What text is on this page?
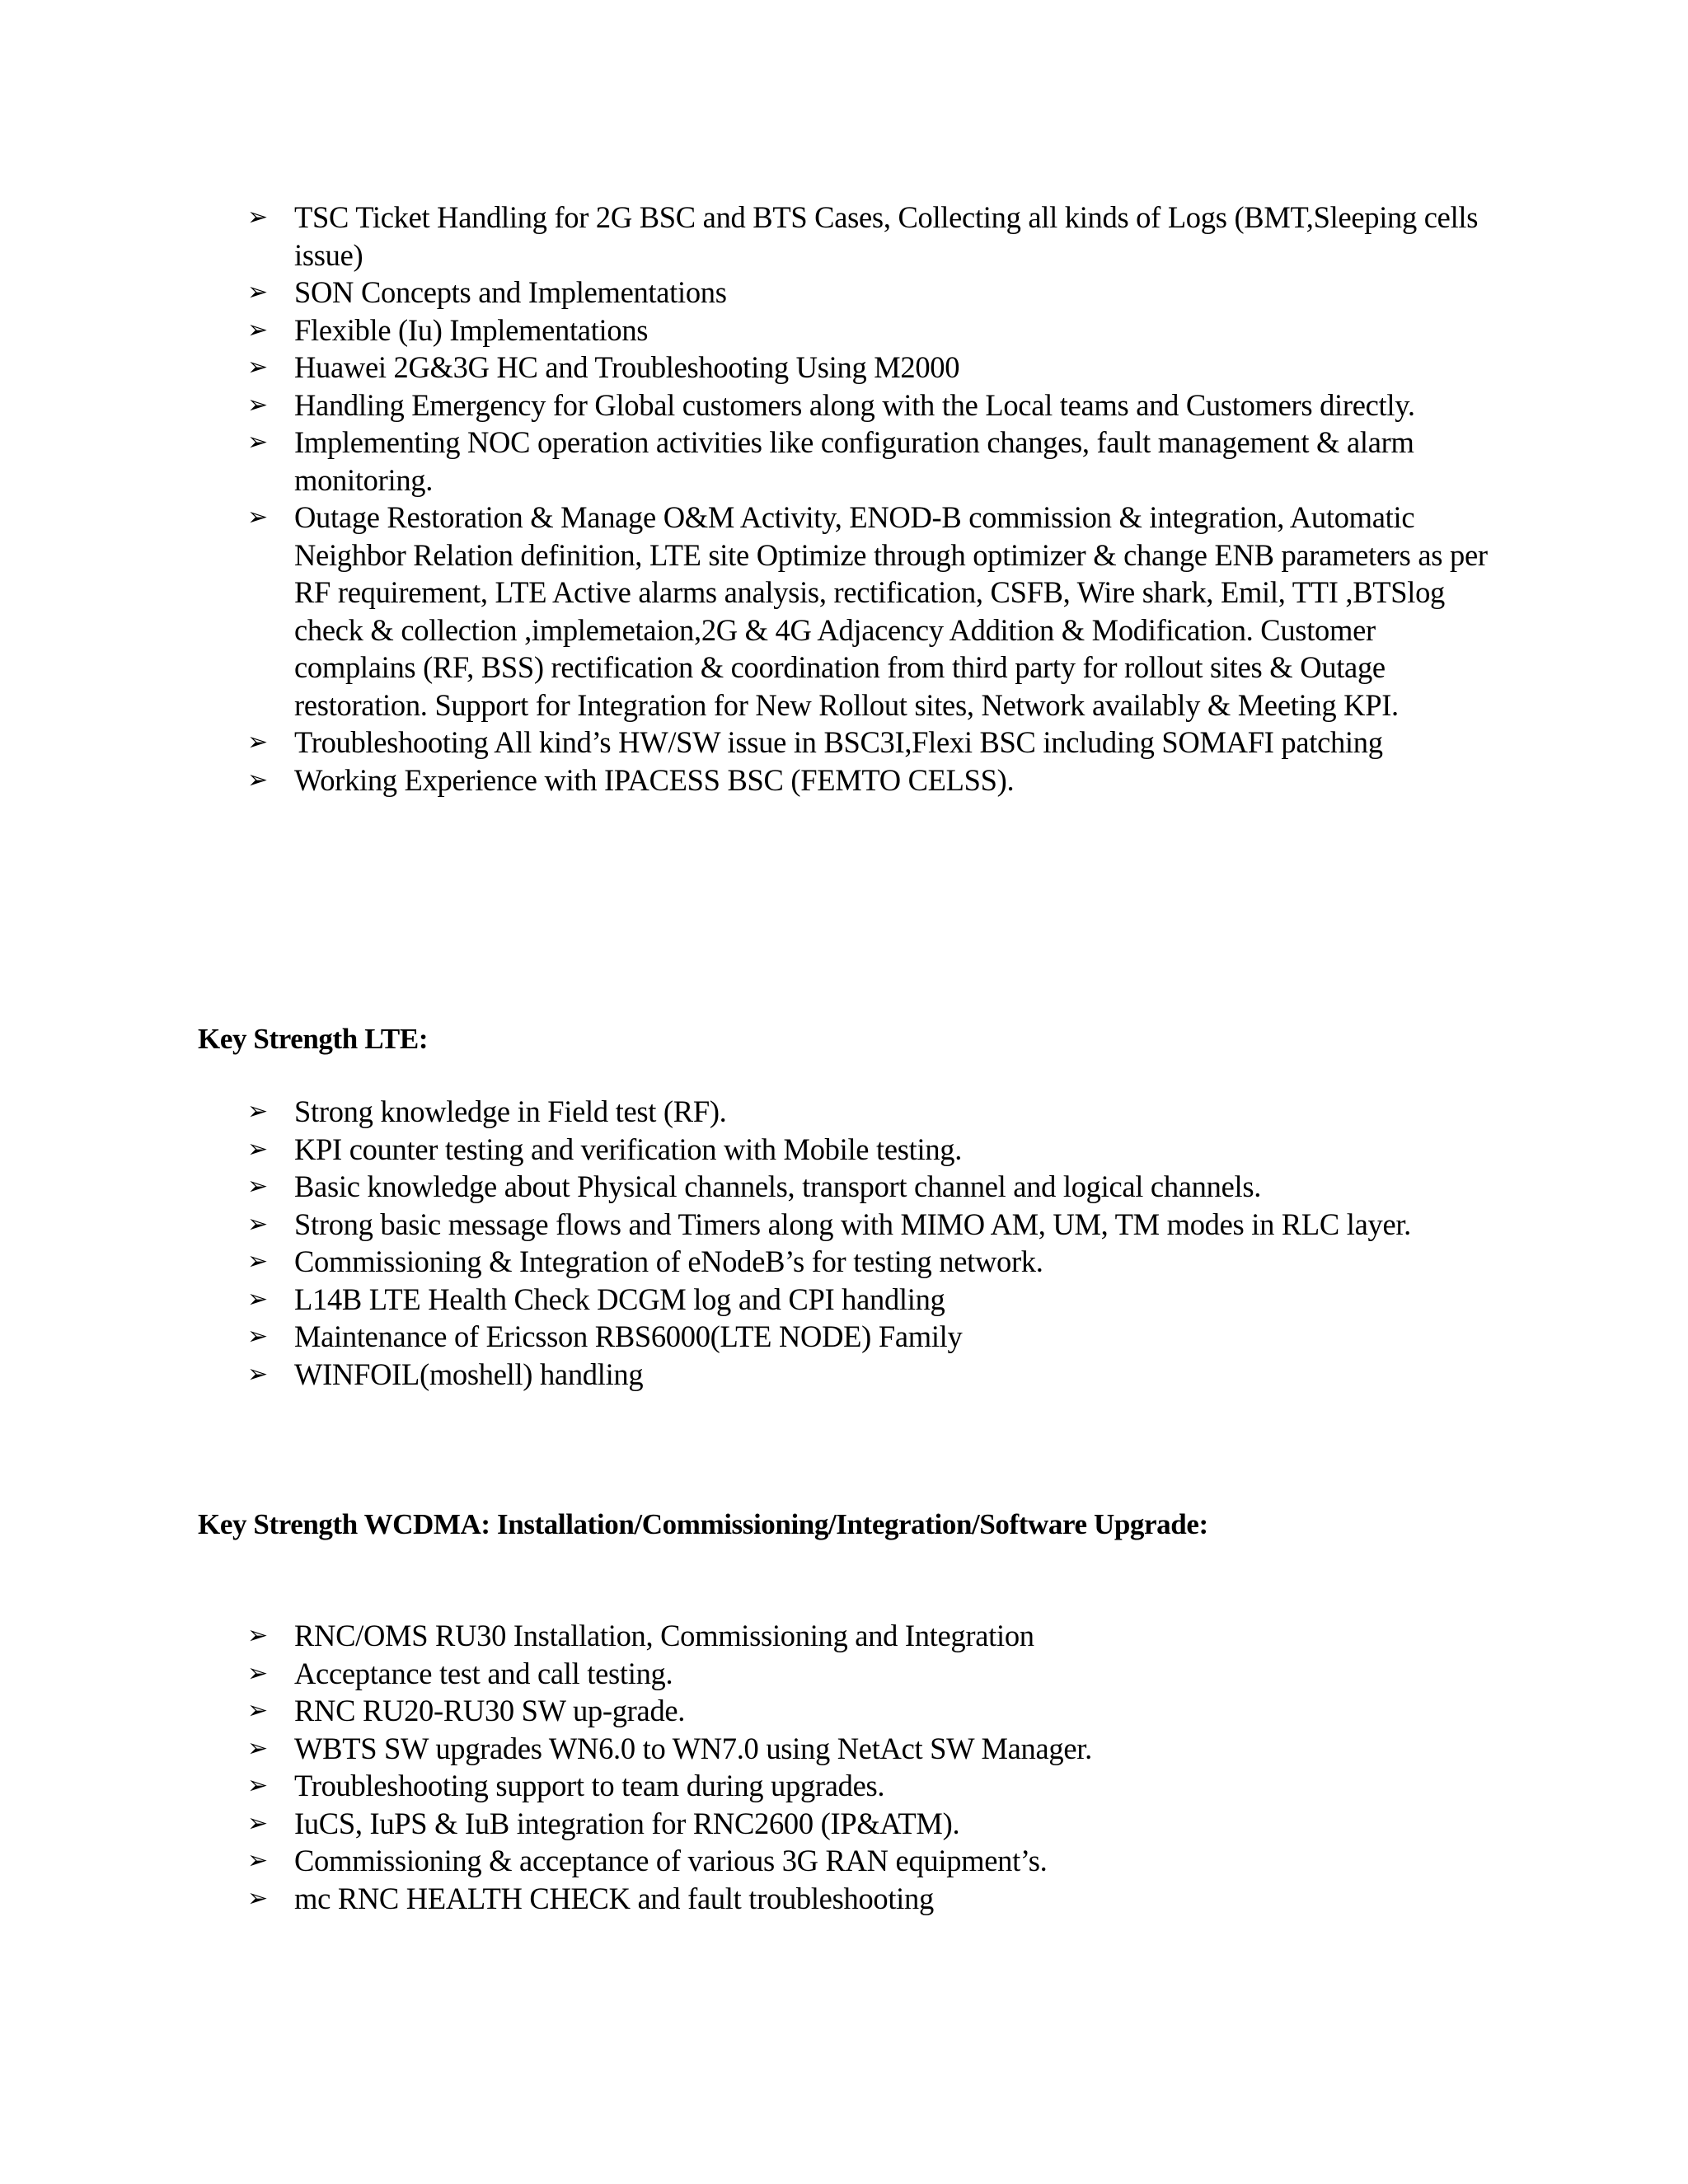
➢ TSC Ticket Handling for 2G BSC and BTS Cases, Collecting all kinds of Logs (BMT,Sleeping cells issue)
➢ SON Concepts and Implementations
➢ Flexible (Iu) Implementations
➢ Huawei 2G&3G HC and Troubleshooting Using M2000
➢ Handling Emergency for Global customers along with the Local teams and Customers directly.
➢ Implementing NOC operation activities like configuration changes, fault management & alarm monitoring.
➢ Outage Restoration & Manage O&M Activity, ENOD-B commission & integration, Automatic Neighbor Relation definition, LTE site Optimize through optimizer & change ENB parameters as per RF requirement, LTE Active alarms analysis, rectification, CSFB, Wire shark, Emil, TTI ,BTSlog check & collection ,implemetaion,2G & 4G Adjacency Addition & Modification. Customer complains (RF, BSS) rectification & coordination from third party for rollout sites & Outage restoration. Support for Integration for New Rollout sites, Network availably & Meeting KPI.
➢ Troubleshooting All kind’s HW/SW issue in BSC3I,Flexi BSC including SOMAFI patching
➢ Working Experience with IPACESS BSC (FEMTO CELSS).
Key Strength LTE:
➢ Strong knowledge in Field test (RF).
➢ KPI counter testing and verification with Mobile testing.
➢ Basic knowledge about Physical channels, transport channel and logical channels.
➢ Strong basic message flows and Timers along with MIMO AM, UM, TM modes in RLC layer.
➢ Commissioning & Integration of eNodeB’s for testing network.
➢ L14B LTE Health Check DCGM log and CPI handling
➢ Maintenance of Ericsson RBS6000(LTE NODE) Family
➢ WINFOIL(moshell) handling
Key Strength WCDMA: Installation/Commissioning/Integration/Software Upgrade:
➢ RNC/OMS RU30 Installation, Commissioning and Integration
➢ Acceptance test and call testing.
➢ RNC RU20-RU30 SW up-grade.
➢ WBTS SW upgrades WN6.0 to WN7.0 using NetAct SW Manager.
➢ Troubleshooting support to team during upgrades.
➢ IuCS, IuPS & IuB integration for RNC2600 (IP&ATM).
➢ Commissioning & acceptance of various 3G RAN equipment’s.
➢ mc RNC HEALTH CHECK and fault troubleshooting
